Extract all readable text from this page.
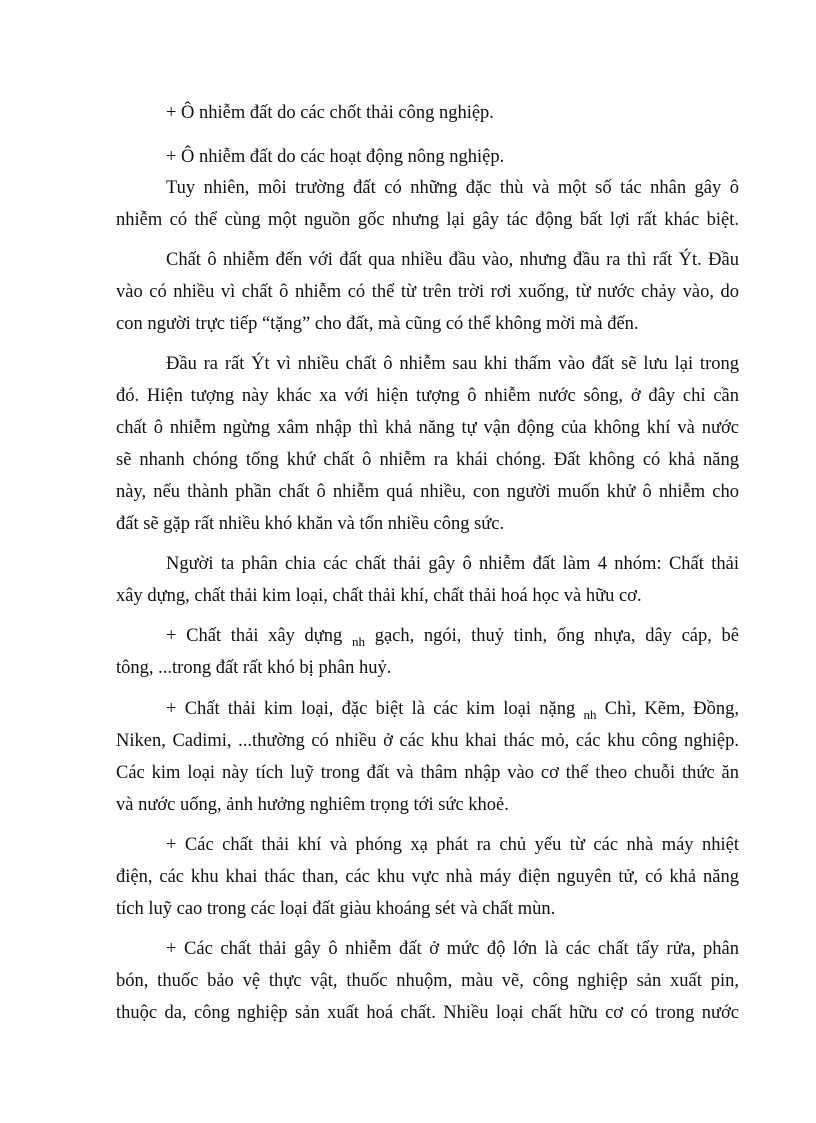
+ Ô nhiễm đất do các chốt thải công nghiệp.
+ Ô nhiễm đất do các hoạt động nông nghiệp.
Tuy nhiên, môi trường đất có những đặc thù và một số tác nhân gây ô
nhiễm có thể cùng một nguồn gốc nhưng lại gây tác động bất lợi rất khác biệt.
Chất ô nhiễm đến với đất qua nhiều đầu vào, nhưng đầu ra thì rất Ýt. Đầu
vào có nhiều vì chất ô nhiễm có thể từ trên trời rơi xuống, từ nước chảy vào, do
con người trực tiếp “tặng” cho đất, mà cũng có thể không mời mà đến.
Đầu ra rất Ýt vì nhiều chất ô nhiễm sau khi thấm vào đất sẽ lưu lại trong
đó. Hiện tượng này khác xa với hiện tượng ô nhiễm nước sông, ở đây chỉ cần
chất ô nhiễm ngừng xâm nhập thì khả năng tự vận động của không khí và nước
sẽ nhanh chóng tống khứ chất ô nhiễm ra khái chóng. Đất không có khả năng
này, nếu thành phần chất ô nhiễm quá nhiều, con người muốn khử ô nhiễm cho
đất sẽ gặp rất nhiều khó khăn và tốn nhiều công sức.
Người ta phân chia các chất thải gây ô nhiễm đất làm 4 nhóm: Chất thải
xây dựng, chất thải kim loại, chất thải khí, chất thải hoá học và hữu cơ.
+ Chất thải xây dựng $_{nh}$ gạch, ngói, thuỷ tinh, ống nhựa, dây cáp, bê
tông, ...trong đất rất khó bị phân huỷ.
+ Chất thải kim loại, đặc biệt là các kim loại nặng $_{nh}$ Chì, Kẽm, Đồng,
Niken, Cadimi, ...thường có nhiều ở các khu khai thác mỏ, các khu công nghiệp.
Các kim loại này tích luỹ trong đất và thâm nhập vào cơ thể theo chuỗi thức ăn
và nước uống, ảnh hưởng nghiêm trọng tới sức khoẻ.
+ Các chất thải khí và phóng xạ phát ra chủ yếu từ các nhà máy nhiệt
điện, các khu khai thác than, các khu vực nhà máy điện nguyên tử, có khả năng
tích luỹ cao trong các loại đất giàu khoáng sét và chất mùn.
+ Các chất thải gây ô nhiễm đất ở mức độ lớn là các chất tẩy rửa, phân
bón, thuốc bảo vệ thực vật, thuốc nhuộm, màu vẽ, công nghiệp sản xuất pin,
thuộc da, công nghiệp sản xuất hoá chất. Nhiều loại chất hữu cơ có trong nước
